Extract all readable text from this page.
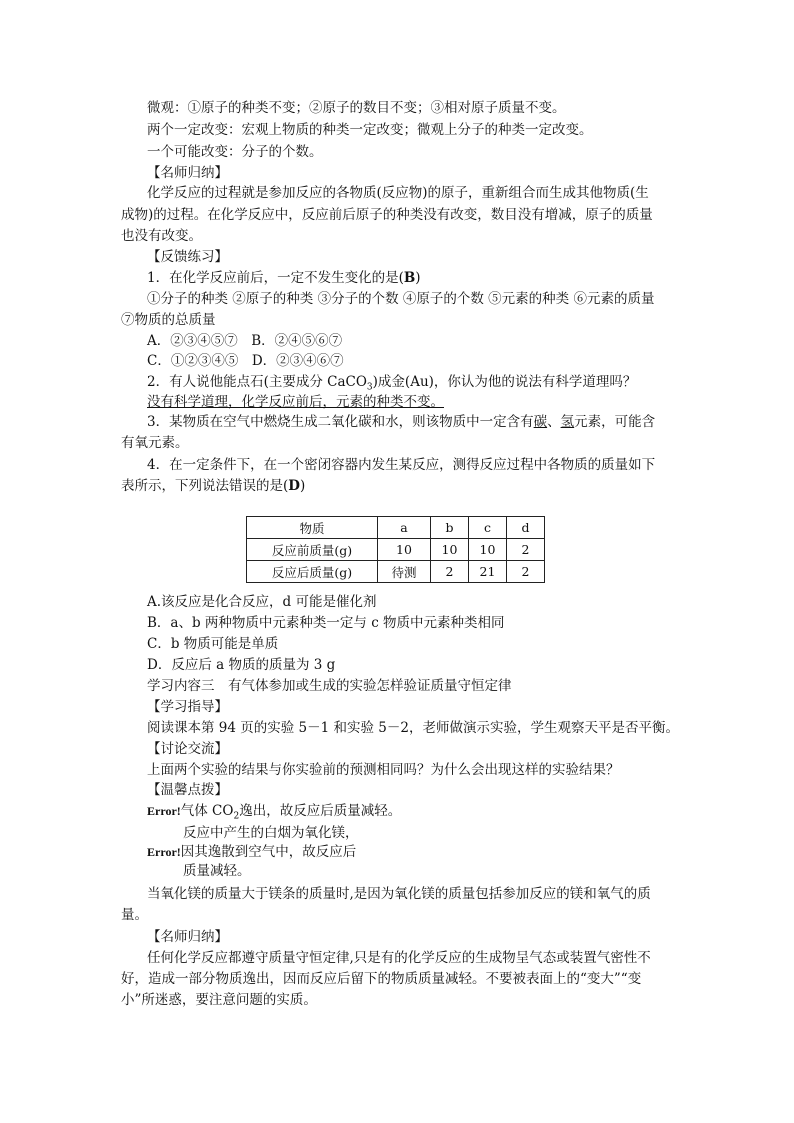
微观：①原子的种类不变；②原子的数目不变；③相对原子质量不变。
两个一定改变：宏观上物质的种类一定改变；微观上分子的种类一定改变。
一个可能改变：分子的个数。
【名师归纳】
化学反应的过程就是参加反应的各物质(反应物)的原子，重新组合而生成其他物质(生
成物)的过程。在化学反应中，反应前后原子的种类没有改变，数目没有增减，原子的质量
也没有改变。
【反馈练习】
1．在化学反应前后，一定不发生变化的是(B)
①分子的种类 ②原子的种类 ③分子的个数 ④原子的个数 ⑤元素的种类 ⑥元素的质量
⑦物质的总质量
A．②③④⑤⑦　B．②④⑤⑥⑦
C．①②③④⑤　D．②③④⑥⑦
2．有人说他能点石(主要成分 CaCO$_3$)成金(Au)，你认为他的说法有科学道理吗？
没有科学道理，化学反应前后，元素的种类不变。
3．某物质在空气中燃烧生成二氧化碳和水，则该物质中一定含有碳、氢元素，可能含
有氧元素。
4．在一定条件下，在一个密闭容器内发生某反应，测得反应过程中各物质的质量如下
表所示，下列说法错误的是(D)
物质	a	b	c	d
反应前质量(g)	10	10	10	2
反应后质量(g)	待测	2	21	2
A.该反应是化合反应，d 可能是催化剂
B．a、b 两种物质中元素种类一定与 c 物质中元素种类相同
C．b 物质可能是单质
D．反应后 a 物质的质量为 3 g
学习内容三　有气体参加或生成的实验怎样验证质量守恒定律
【学习指导】
阅读课本第 94 页的实验 5－1 和实验 5－2，老师做演示实验，学生观察天平是否平衡。
【讨论交流】
上面两个实验的结果与你实验前的预测相同吗？为什么会出现这样的实验结果？
【温馨点拨】
Error!气体 $CO_2$逸出，故反应后质量减轻。
反应中产生的白烟为氧化镁，
Error!因其逸散到空气中，故反应后
质量减轻。
当氧化镁的质量大于镁条的质量时,是因为氧化镁的质量包括参加反应的镁和氧气的质
量。
【名师归纳】
任何化学反应都遵守质量守恒定律,只是有的化学反应的生成物呈气态或装置气密性不
好，造成一部分物质逸出，因而反应后留下的物质质量减轻。不要被表面上的“变大”“变
小”所迷惑，要注意问题的实质。
